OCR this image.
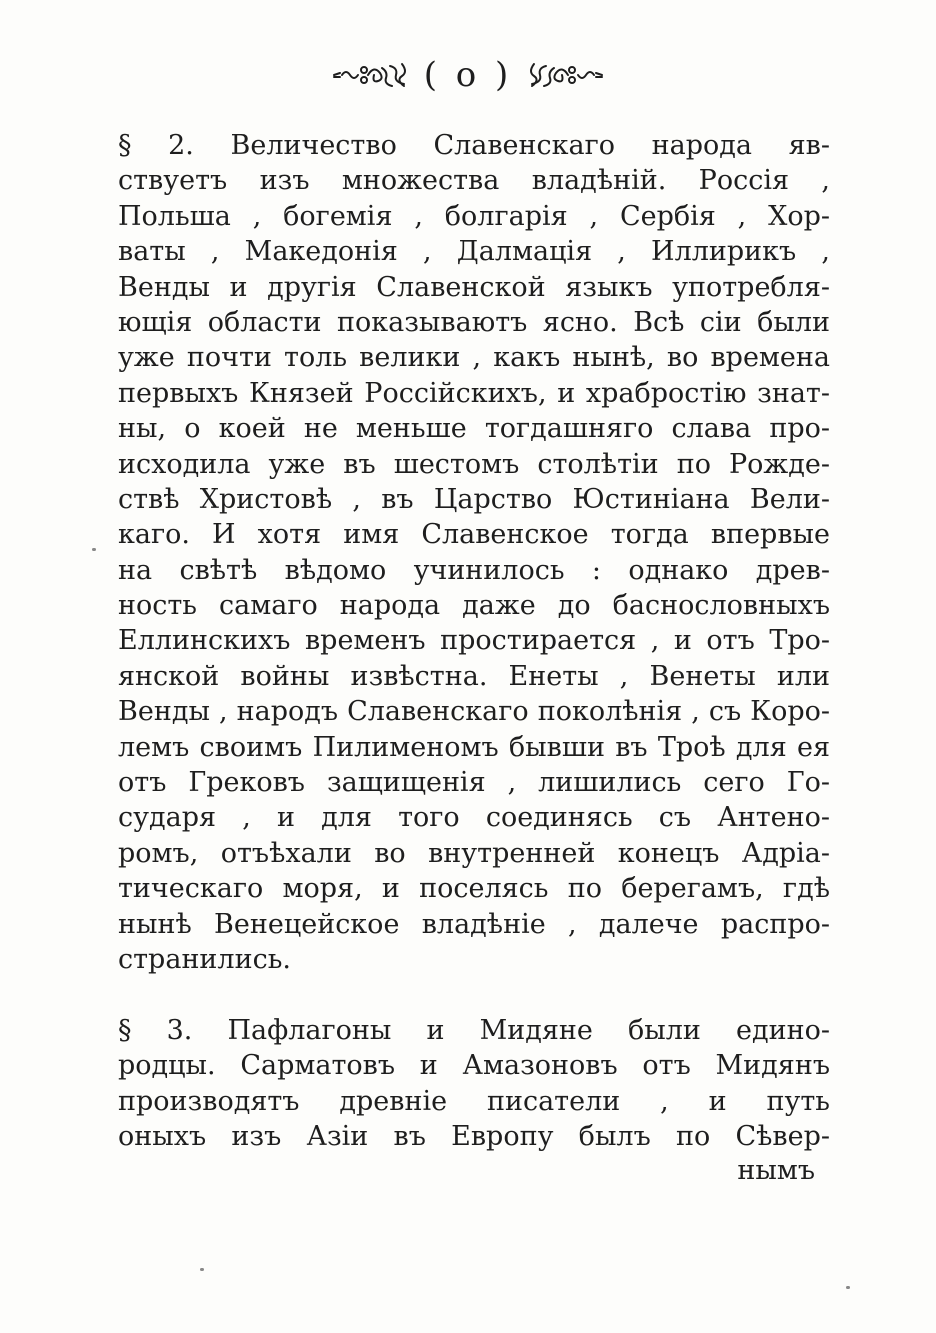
( o )
§ 2. Величество Славенскаго народа яв-
ствуетъ изъ множества владѣній. Россія ,
Польша , богемія , болгарія , Сербія , Хор-
ваты , Македонія , Далмація , Иллирикъ ,
Венды и другія Славенской языкъ употребля-
ющія области показываютъ ясно. Всѣ сіи были
уже почти толь велики , какъ нынѣ, во времена
первыхъ Князей Россійскихъ, и храбростію знат-
ны, о коей не меньше тогдашняго слава про-
исходила уже въ шестомъ столѣтіи по Рожде-
ствѣ Христовѣ , въ Царство Юстиніана Вели-
каго. И хотя имя Славенское тогда впервые
на свѣтѣ вѣдомо учинилось : однако древ-
ность самаго народа даже до баснословныхъ
Еллинскихъ временъ простирается , и отъ Тро-
янской войны извѣстна. Енеты , Венеты или
Венды , народъ Славенскаго поколѣнія , съ Коро-
лемъ своимъ Пилименомъ бывши въ Троѣ для ея
отъ Грековъ защищенія , лишились сего Го-
сударя , и для того соединясь съ Антено-
ромъ, отъѣхали во внутренней конецъ Адріа-
тическаго моря, и поселясь по берегамъ, гдѣ
нынѣ Венецейское владѣніе , далече распро-
странились.
§ 3. Пафлагоны и Мидяне были едино-
родцы. Сарматовъ и Амазоновъ отъ Мидянъ
производятъ древніе писатели , и путь
оныхъ изъ Азіи въ Европу былъ по Сѣвер-
нымъ
